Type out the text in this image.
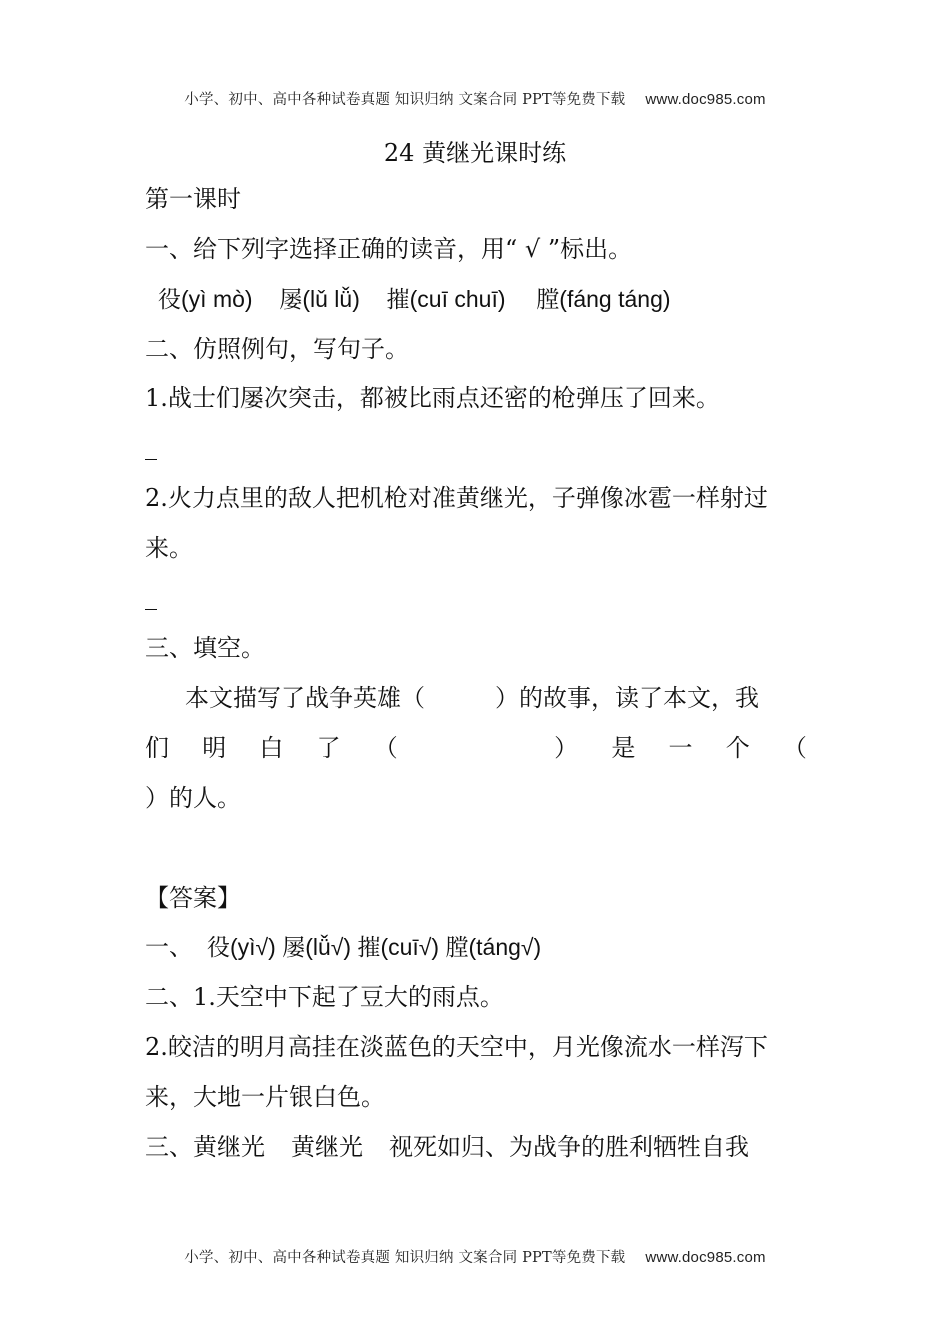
小学、初中、高中各种试卷真题 知识归纳 文案合同 PPT等免费下载 www.doc985.com
24 黄继光课时练
第一课时
一、给下列字选择正确的读音，用“ √ ”标出。
役(yì mò) 屡(lǔ lǚ) 摧(cuī chuī) 膛(fáng táng)
二、仿照例句，写句子。
1.战士们屡次突击，都被比雨点还密的枪弹压了回来。
2.火力点里的敌人把机枪对准黄继光，子弹像冰雹一样射过
来。
三、填空。
本文描写了战争英雄（	）的故事，读了本文，我
们 明 白 了 （	） 是 一 个 （
）的人。
【答案】
一、 役(yì√) 屡(lǚ√) 摧(cuī√) 膛(táng√)
二、1.天空中下起了豆大的雨点。
2.皎洁的明月高挂在淡蓝色的天空中，月光像流水一样泻下
来，大地一片银白色。
三、黄继光 黄继光 视死如归、为战争的胜利牺牲自我
小学、初中、高中各种试卷真题 知识归纳 文案合同 PPT等免费下载 www.doc985.com
